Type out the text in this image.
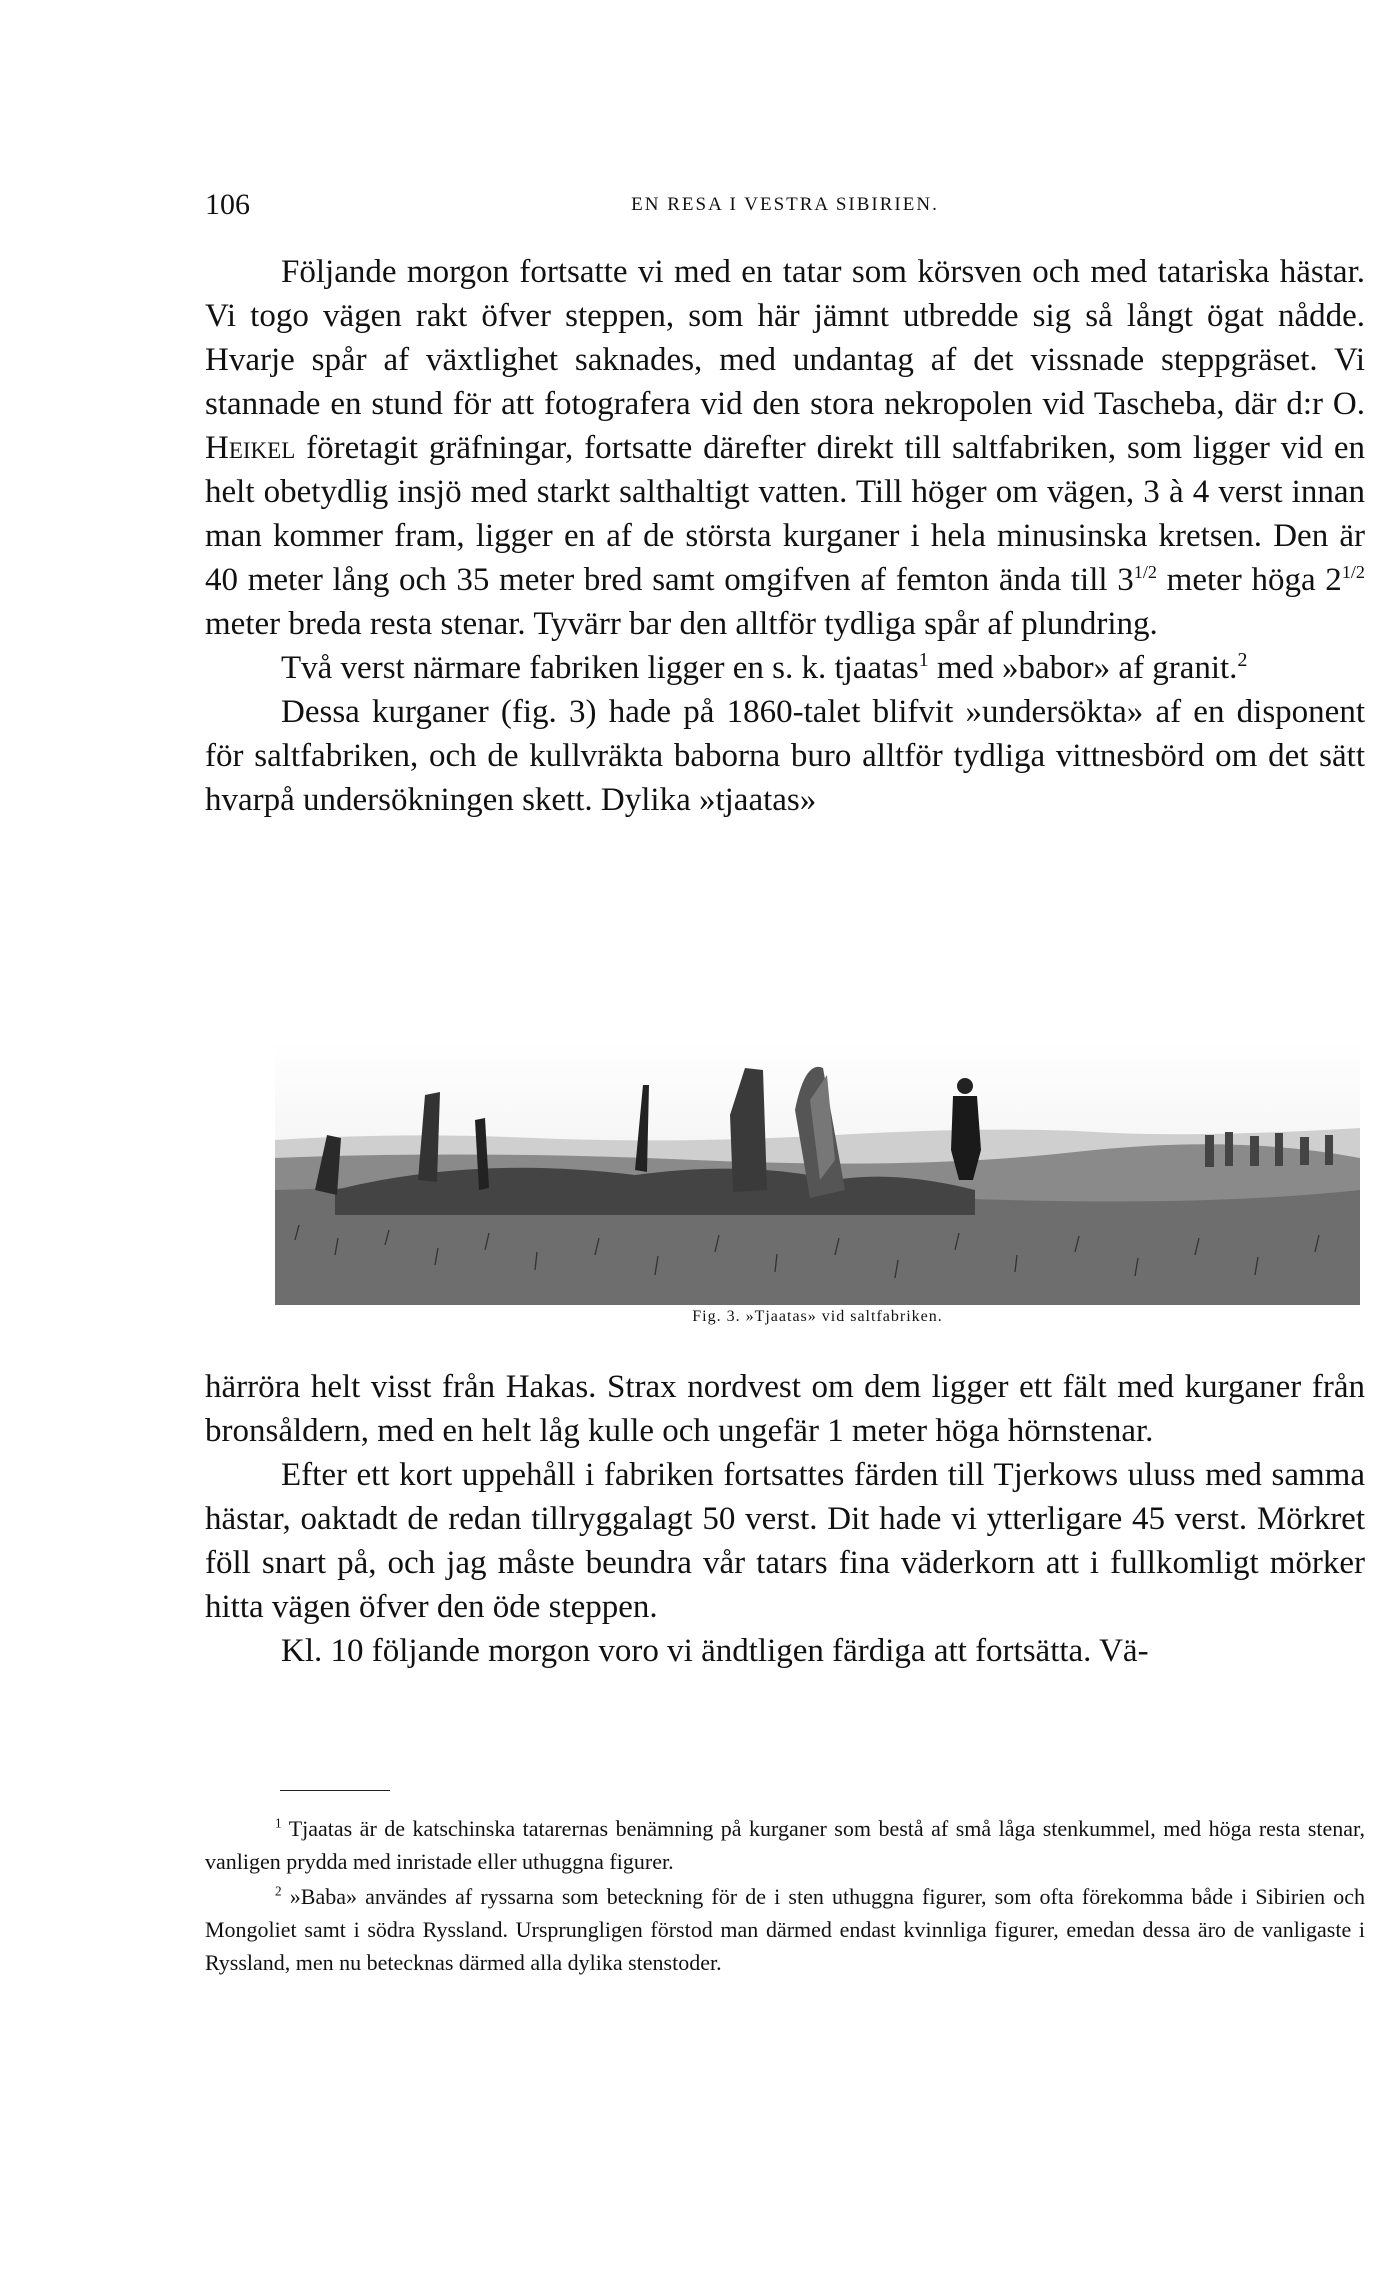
106	EN RESA I VESTRA SIBIRIEN.

Följande morgon fortsatte vi med en tatar som körsven och med tatariska hästar. Vi togo vägen rakt öfver steppen, som här jämnt utbredde sig så långt ögat nådde. Hvarje spår af växtlighet saknades, med undantag af det vissnade steppgräset. Vi stannade en stund för att fotografera vid den stora nekropolen vid Tascheba, där d:r O. Heikel företagit gräfningar, fortsatte därefter direkt till saltfabriken, som ligger vid en helt obetydlig insjö med starkt salthaltigt vatten. Till höger om vägen, 3 à 4 verst innan man kommer fram, ligger en af de största kurganer i hela minusinska kretsen. Den är 40 meter lång och 35 meter bred samt omgifven af femton ända till $3^{1/2}$ meter höga $2^{1/2}$ meter breda resta stenar. Tyvärr bar den alltför tydliga spår af plundring.

Två verst närmare fabriken ligger en s. k. tjaatas$^1$ med »babor» af granit.$^2$

Dessa kurganer (fig. 3) hade på 1860-talet blifvit »undersökta» af en disponent för saltfabriken, och de kullvräkta baborna buro alltför tydliga vittnesbörd om det sätt hvarpå undersökningen skett. Dylika »tjaatas»

Fig. 3. »Tjaatas» vid saltfabriken.

härröra helt visst från Hakas. Strax nordvest om dem ligger ett fält med kurganer från bronsåldern, med en helt låg kulle och ungefär 1 meter höga hörnstenar.

Efter ett kort uppehåll i fabriken fortsattes färden till Tjerkows uluss med samma hästar, oaktadt de redan tillryggalagt 50 verst. Dit hade vi ytterligare 45 verst. Mörkret föll snart på, och jag måste beundra vår tatars fina väderkorn att i fullkomligt mörker hitta vägen öfver den öde steppen.

Kl. 10 följande morgon voro vi ändtligen färdiga att fortsätta. Vä-

$^1$ Tjaatas är de katschinska tatarernas benämning på kurganer som bestå af små låga stenkummel, med höga resta stenar, vanligen prydda med inristade eller uthuggna figurer.

$^2$ »Baba» användes af ryssarna som beteckning för de i sten uthuggna figurer, som ofta förekomma både i Sibirien och Mongoliet samt i södra Ryssland. Ursprungligen förstod man därmed endast kvinnliga figurer, emedan dessa äro de vanligaste i Ryssland, men nu betecknas därmed alla dylika stenstoder.
